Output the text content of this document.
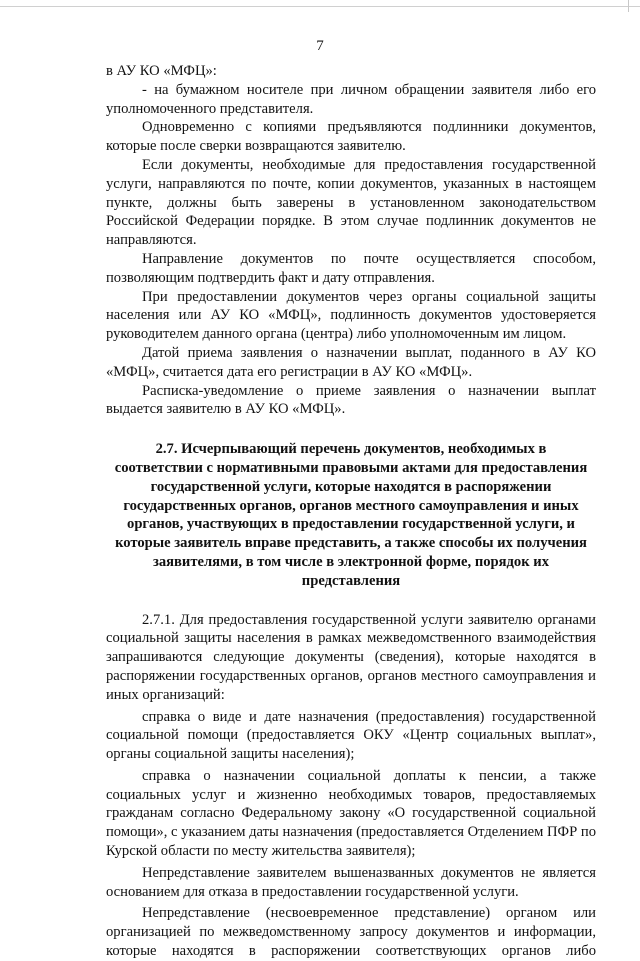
7

в АУ КО «МФЦ»:

- на бумажном носителе при личном обращении заявителя либо его уполномоченного представителя.

Одновременно с копиями предъявляются подлинники документов, которые после сверки возвращаются заявителю.

Если документы, необходимые для предоставления государственной услуги, направляются по почте, копии документов, указанных в настоящем пункте, должны быть заверены в установленном законодательством Российской Федерации порядке. В этом случае подлинник документов не направляются.

Направление документов по почте осуществляется способом, позволяющим подтвердить факт и дату отправления.

При предоставлении документов через органы социальной защиты населения или АУ КО «МФЦ», подлинность документов удостоверяется руководителем данного органа (центра) либо уполномоченным им лицом.

Датой приема заявления о назначении выплат, поданного в АУ КО «МФЦ», считается дата его регистрации в АУ КО «МФЦ».

Расписка-уведомление о приеме заявления о назначении выплат выдается заявителю в АУ КО «МФЦ».

2.7. Исчерпывающий перечень документов, необходимых в
соответствии с нормативными правовыми актами для предоставления
государственной услуги, которые находятся в распоряжении
государственных органов, органов местного самоуправления и иных
органов, участвующих в предоставлении государственной услуги, и
которые заявитель вправе представить, а также способы их получения
заявителями, в том числе в электронной форме, порядок их представления

2.7.1. Для предоставления государственной услуги заявителю органами социальной защиты населения в рамках межведомственного взаимодействия запрашиваются следующие документы (сведения), которые находятся в распоряжении государственных органов, органов местного самоуправления и иных организаций:

справка о виде и дате назначения (предоставления) государственной социальной помощи (предоставляется ОКУ «Центр социальных выплат», органы социальной защиты населения);

справка о назначении социальной доплаты к пенсии, а также социальных услуг и жизненно необходимых товаров, предоставляемых гражданам согласно Федеральному закону «О государственной социальной помощи», с указанием даты назначения (предоставляется Отделением ПФР по Курской области по месту жительства заявителя);

Непредставление заявителем вышеназванных документов не является основанием для отказа в предоставлении государственной услуги.

Непредставление (несвоевременное представление) органом или организацией по межведомственному запросу документов и информации, которые находятся в распоряжении соответствующих органов либо
